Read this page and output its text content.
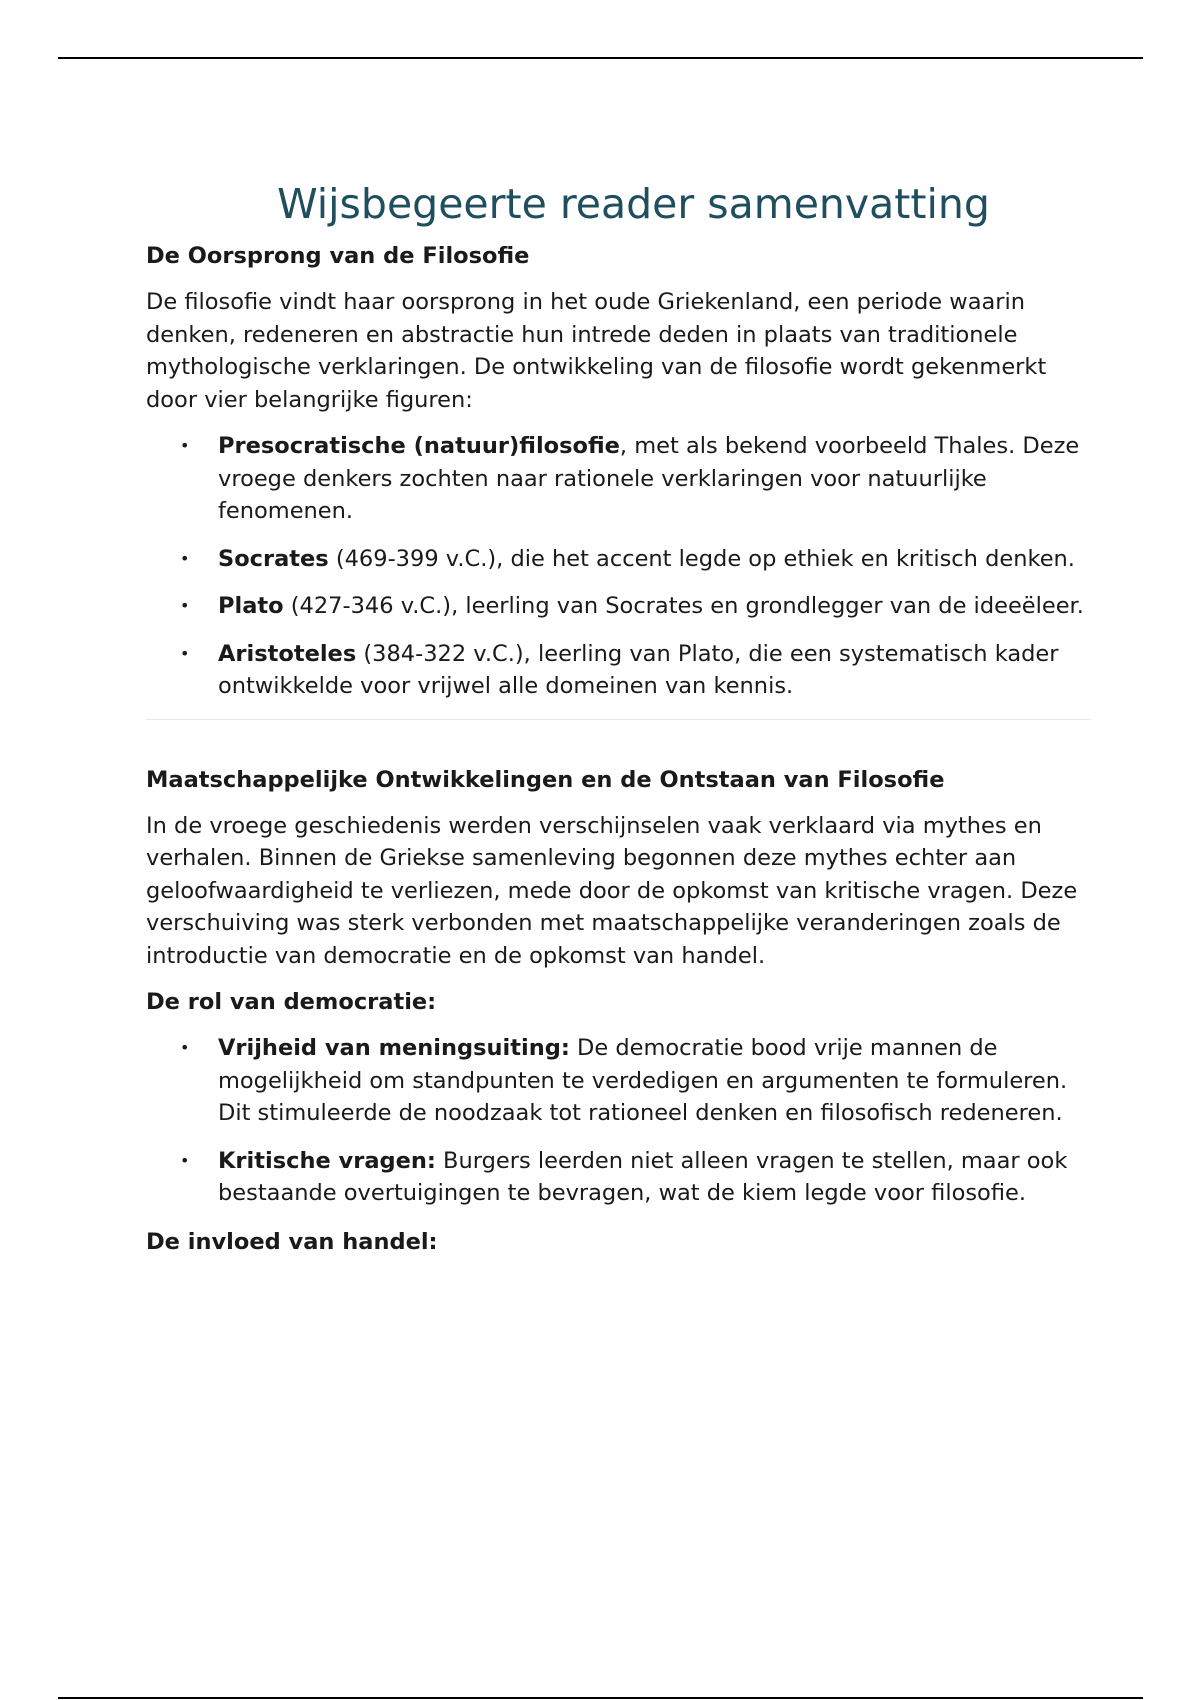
Wijsbegeerte reader samenvatting
De Oorsprong van de Filosofie

De filosofie vindt haar oorsprong in het oude Griekenland, een periode waarin denken, redeneren en abstractie hun intrede deden in plaats van traditionele mythologische verklaringen. De ontwikkeling van de filosofie wordt gekenmerkt door vier belangrijke figuren:

• Presocratische (natuur)filosofie, met als bekend voorbeeld Thales. Deze vroege denkers zochten naar rationele verklaringen voor natuurlijke fenomenen.
• Socrates (469-399 v.C.), die het accent legde op ethiek en kritisch denken.
• Plato (427-346 v.C.), leerling van Socrates en grondlegger van de ideeëleer.
• Aristoteles (384-322 v.C.), leerling van Plato, die een systematisch kader ontwikkelde voor vrijwel alle domeinen van kennis.
Maatschappelijke Ontwikkelingen en de Ontstaan van Filosofie

In de vroege geschiedenis werden verschijnselen vaak verklaard via mythes en verhalen. Binnen de Griekse samenleving begonnen deze mythes echter aan geloofwaardigheid te verliezen, mede door de opkomst van kritische vragen. Deze verschuiving was sterk verbonden met maatschappelijke veranderingen zoals de introductie van democratie en de opkomst van handel.

De rol van democratie:
• Vrijheid van meningsuiting: De democratie bood vrije mannen de mogelijkheid om standpunten te verdedigen en argumenten te formuleren. Dit stimuleerde de noodzaak tot rationeel denken en filosofisch redeneren.
• Kritische vragen: Burgers leerden niet alleen vragen te stellen, maar ook bestaande overtuigingen te bevragen, wat de kiem legde voor filosofie.
De invloed van handel:
